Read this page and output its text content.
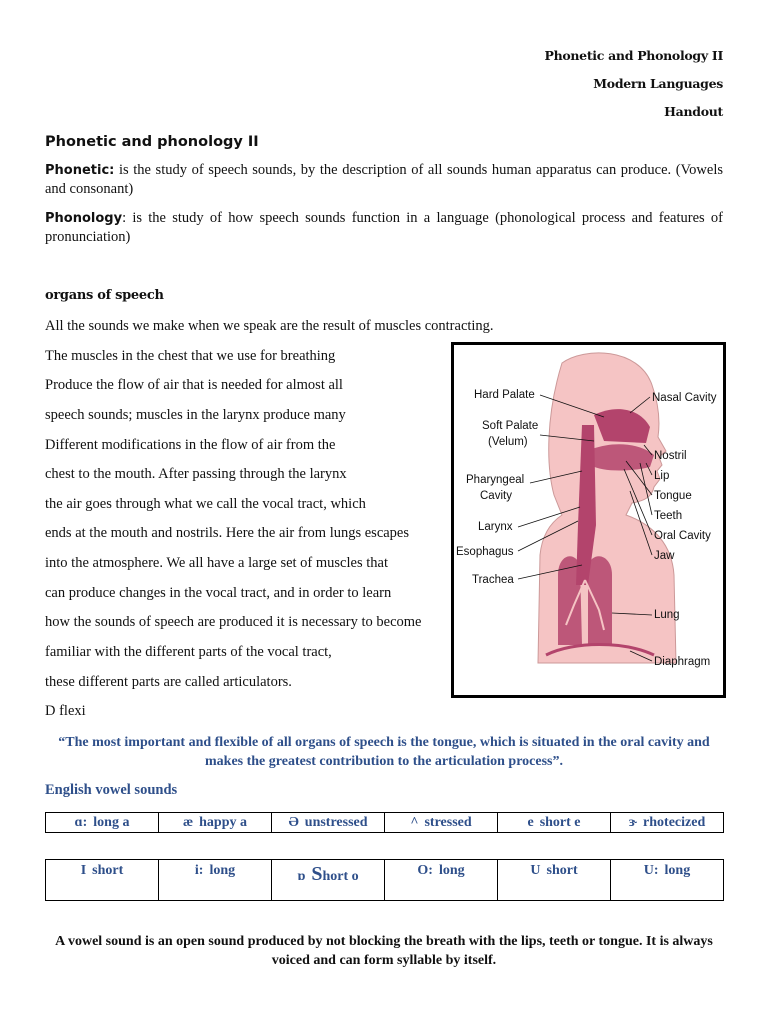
Phonetic and Phonology II
Modern Languages
Handout
Phonetic and phonology II
Phonetic: is the study of speech sounds, by the description of all sounds human apparatus can produce. (Vowels and consonant)
Phonology: is the study of how speech sounds function in a language (phonological process and features of pronunciation)
organs of speech
All the sounds we make when we speak are the result of muscles contracting.
The muscles in the chest that we use for breathing
Produce the flow of air that is needed for almost all
speech sounds; muscles in the larynx produce many
Different modifications in the flow of air from the
chest to the mouth. After passing through the larynx
the air goes through what we call the vocal tract, which
ends at the mouth and nostrils. Here the air from lungs escapes
into the atmosphere. We all have a large set of muscles that
can produce changes in the vocal tract, and in order to learn
how the sounds of speech are produced it is necessary to become
familiar with the different parts of the vocal tract,
these different parts are called articulators.
D flexi
Hard Palate
Soft Palate
(Velum)
Pharyngeal
Cavity
Larynx
Esophagus
Trachea
Nasal Cavity
Nostril
Lip
Tongue
Teeth
Oral Cavity
Jaw
Lung
Diaphragm
“The most important and flexible of all organs of speech is the tongue, which is situated in the oral cavity and makes the greatest contribution to the articulation process”.
English vowel sounds
ɑ: long a	æ happy a	Ə unstressed	^ stressed	e short e	ɝ rhotecized
I short	i: long	ɒ Short o	O: long	U short	U: long
A vowel sound is an open sound produced by not blocking the breath with the lips, teeth or tongue. It is always voiced and can form syllable by itself.
